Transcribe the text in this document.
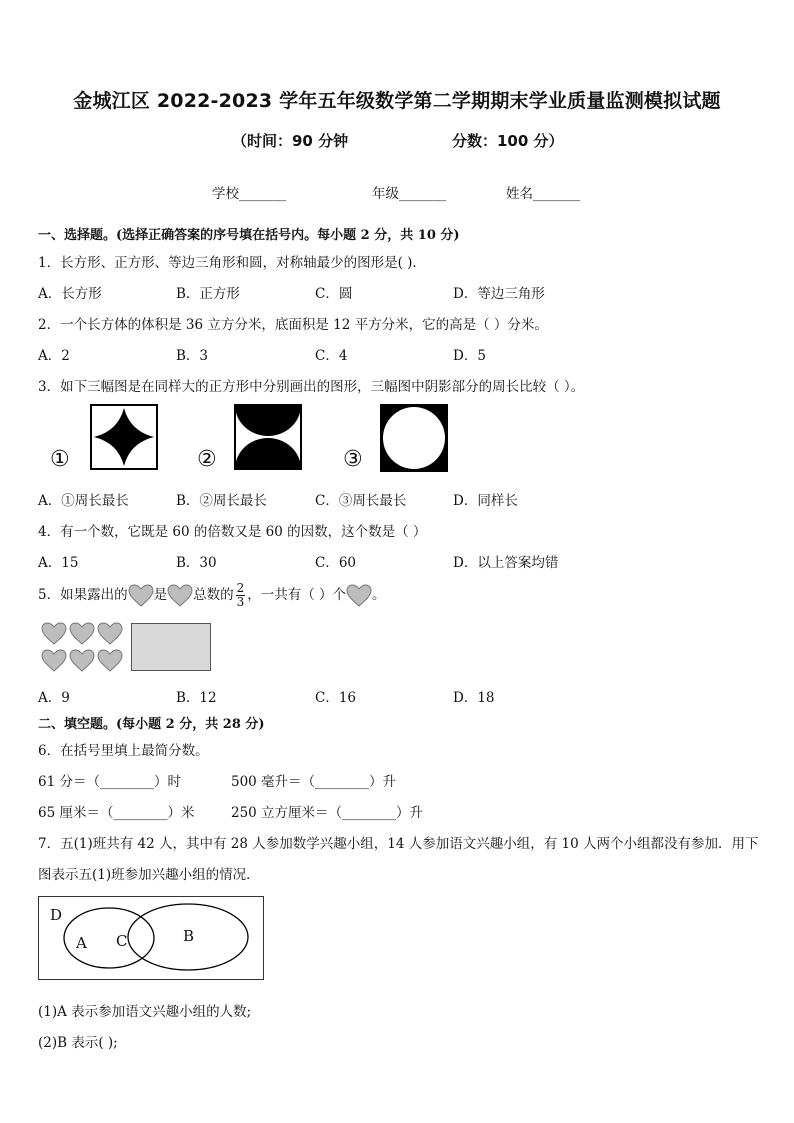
金城江区 2022-2023 学年五年级数学第二学期期末学业质量监测模拟试题
（时间：90 分钟	分数：100 分）
学校_______	年级_______	姓名_______
一、选择题。(选择正确答案的序号填在括号内。每小题 2 分，共 10 分)
1．长方形、正方形、等边三角形和圆，对称轴最少的图形是( )．
A．长方形	B．正方形	C．圆	D．等边三角形
2．一个长方体的体积是 36 立方分米，底面积是 12 平方分米，它的高是（ ）分米。
A．2	B．3	C．4	D．5
3．如下三幅图是在同样大的正方形中分别画出的图形，三幅图中阴影部分的周长比较（ ）。
①	②	③
A．①周长最长	B．②周长最长	C．③周长最长	D．同样长
4．有一个数，它既是 60 的倍数又是 60 的因数，这个数是（ ）
A．15	B．30	C．60	D．以上答案均错
5．如果露出的 是 总数的 $\frac{2}{3}$ ，一共有（ ）个 。
A．9	B．12	C．16	D．18
二、填空题。(每小题 2 分，共 28 分)
6．在括号里填上最简分数。
61 分＝（________）时	500 毫升＝（________）升
65 厘米＝（________）米	250 立方厘米＝（________）升
7．五(1)班共有 42 人，其中有 28 人参加数学兴趣小组，14 人参加语文兴趣小组，有 10 人两个小组都没有参加．用下
图表示五(1)班参加兴趣小组的情况．
D
A C	B
(1)A 表示参加语文兴趣小组的人数;
(2)B 表示( );
